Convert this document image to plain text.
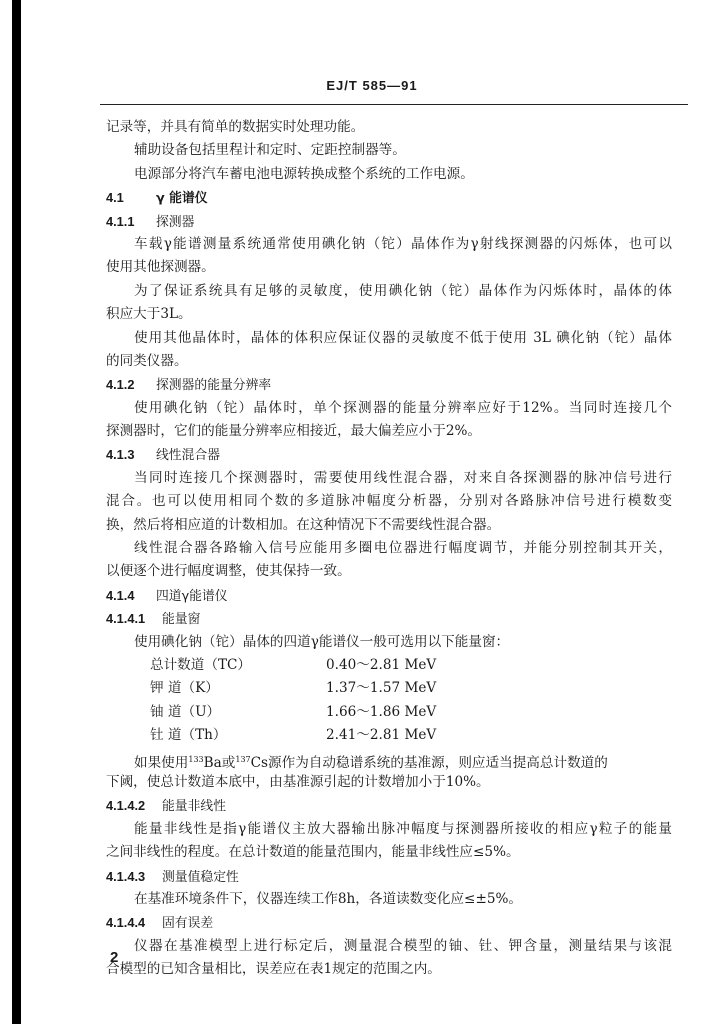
EJ/T 585—91
记录等，并具有简单的数据实时处理功能。
辅助设备包括里程计和定时、定距控制器等。
电源部分将汽车蓄电池电源转换成整个系统的工作电源。
4.1	γ 能谱仪
4.1.1 探测器
车载γ能谱测量系统通常使用碘化钠（铊）晶体作为γ射线探测器的闪烁体，也可以
使用其他探测器。
为了保证系统具有足够的灵敏度，使用碘化钠（铊）晶体作为闪烁体时，晶体的体
积应大于3L。
使用其他晶体时，晶体的体积应保证仪器的灵敏度不低于使用 3L 碘化钠（铊）晶体
的同类仪器。
4.1.2 探测器的能量分辨率
使用碘化钠（铊）晶体时，单个探测器的能量分辨率应好于12%。当同时连接几个
探测器时，它们的能量分辨率应相接近，最大偏差应小于2%。
4.1.3 线性混合器
当同时连接几个探测器时，需要使用线性混合器，对来自各探测器的脉冲信号进行
混合。也可以使用相同个数的多道脉冲幅度分析器，分别对各路脉冲信号进行模数变
换，然后将相应道的计数相加。在这种情况下不需要线性混合器。
线性混合器各路输入信号应能用多圈电位器进行幅度调节，并能分别控制其开关，
以便逐个进行幅度调整，使其保持一致。
4.1.4 四道γ能谱仪
4.1.4.1 能量窗
使用碘化钠（铊）晶体的四道γ能谱仪一般可选用以下能量窗：
总计数道（TC）	0.40～2.81 MeV
钾 道（K）	1.37～1.57 MeV
铀 道（U）	1.66～1.86 MeV
钍 道（Th）	2.41～2.81 MeV
如果使用$^{133}$Ba或$^{137}$Cs源作为自动稳谱系统的基准源，则应适当提高总计数道的
下阈，使总计数道本底中，由基准源引起的计数增加小于10%。
4.1.4.2 能量非线性
能量非线性是指γ能谱仪主放大器输出脉冲幅度与探测器所接收的相应γ粒子的能量
之间非线性的程度。在总计数道的能量范围内，能量非线性应≤5%。
4.1.4.3 测量值稳定性
在基准环境条件下，仪器连续工作8h，各道读数变化应≤±5%。
4.1.4.4 固有误差
仪器在基准模型上进行标定后，测量混合模型的铀、钍、钾含量，测量结果与该混
合模型的已知含量相比，误差应在表1规定的范围之内。
2
